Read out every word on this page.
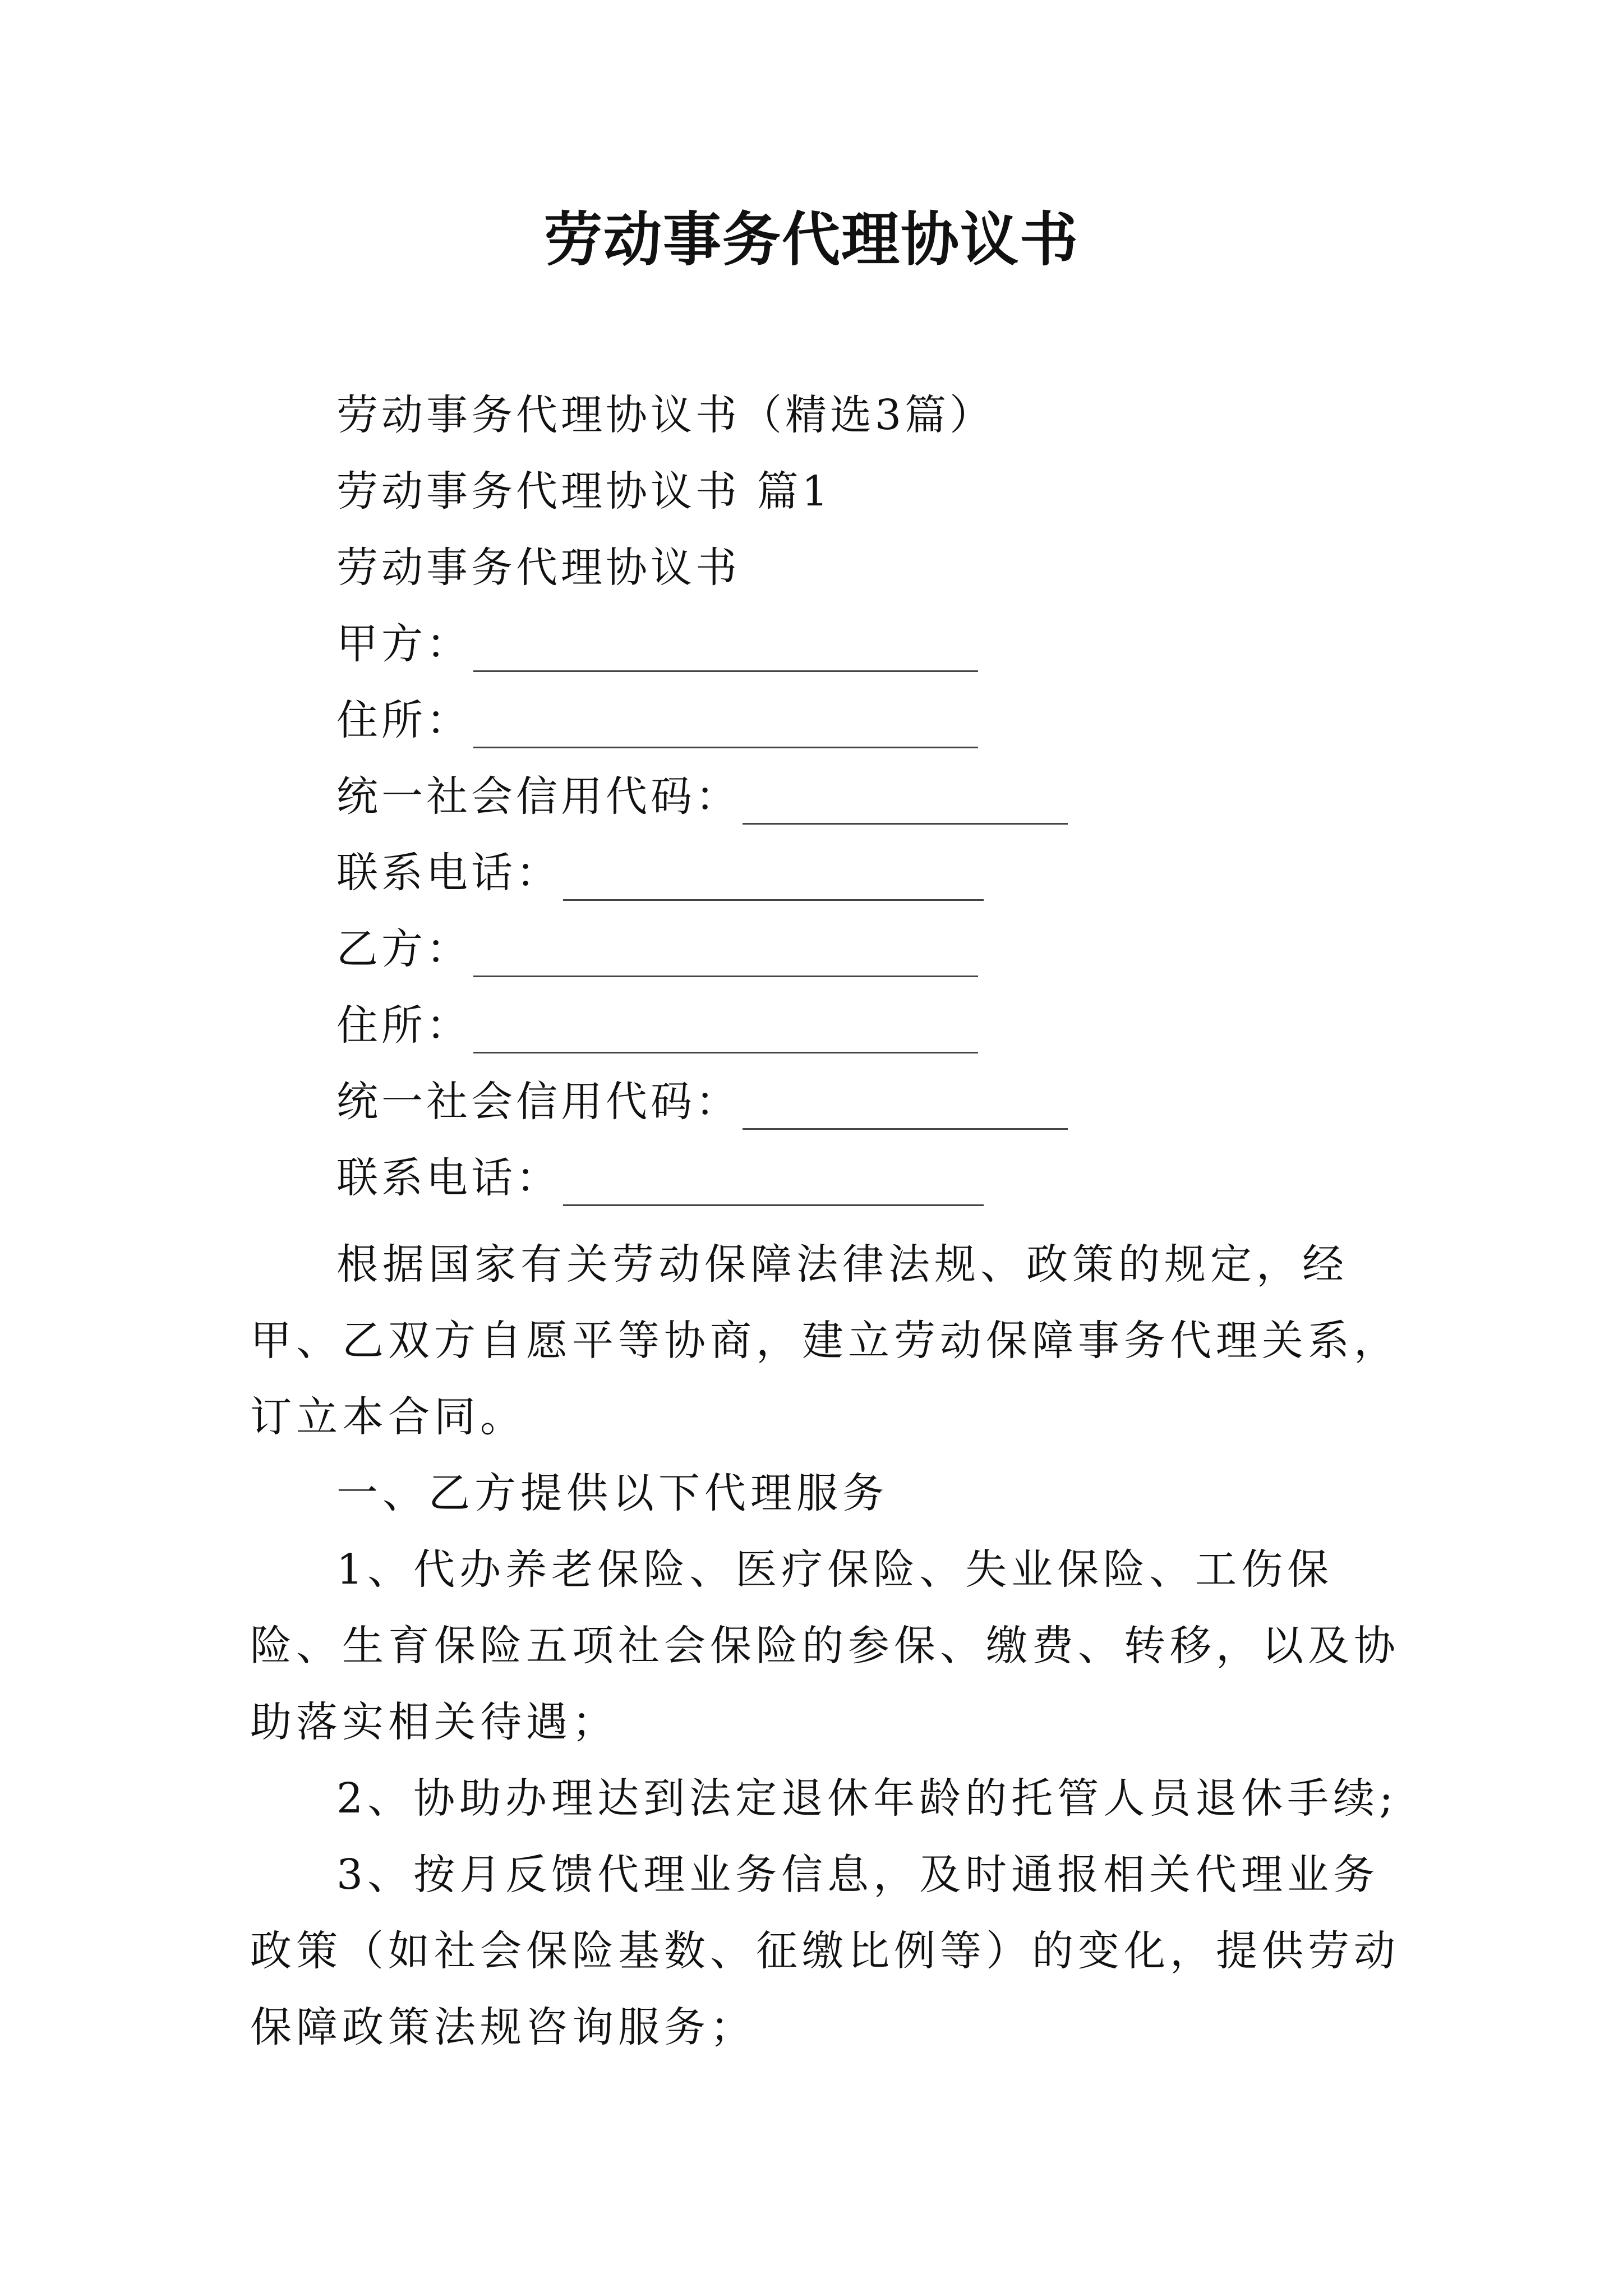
劳动事务代理协议书
劳动事务代理协议书（精选3篇）
劳动事务代理协议书 篇1
劳动事务代理协议书
甲方：
住所：
统一社会信用代码：
联系电话：
乙方：
住所：
统一社会信用代码：
联系电话：

根据国家有关劳动保障法律法规、政策的规定，经甲、乙双方自愿平等协商，建立劳动保障事务代理关系，订立本合同。

一、乙方提供以下代理服务

1、代办养老保险、医疗保险、失业保险、工伤保险、生育保险五项社会保险的参保、缴费、转移，以及协助落实相关待遇；

2、协助办理达到法定退休年龄的托管人员退休手续;

3、按月反馈代理业务信息，及时通报相关代理业务政策（如社会保险基数、征缴比例等）的变化，提供劳动保障政策法规咨询服务；
